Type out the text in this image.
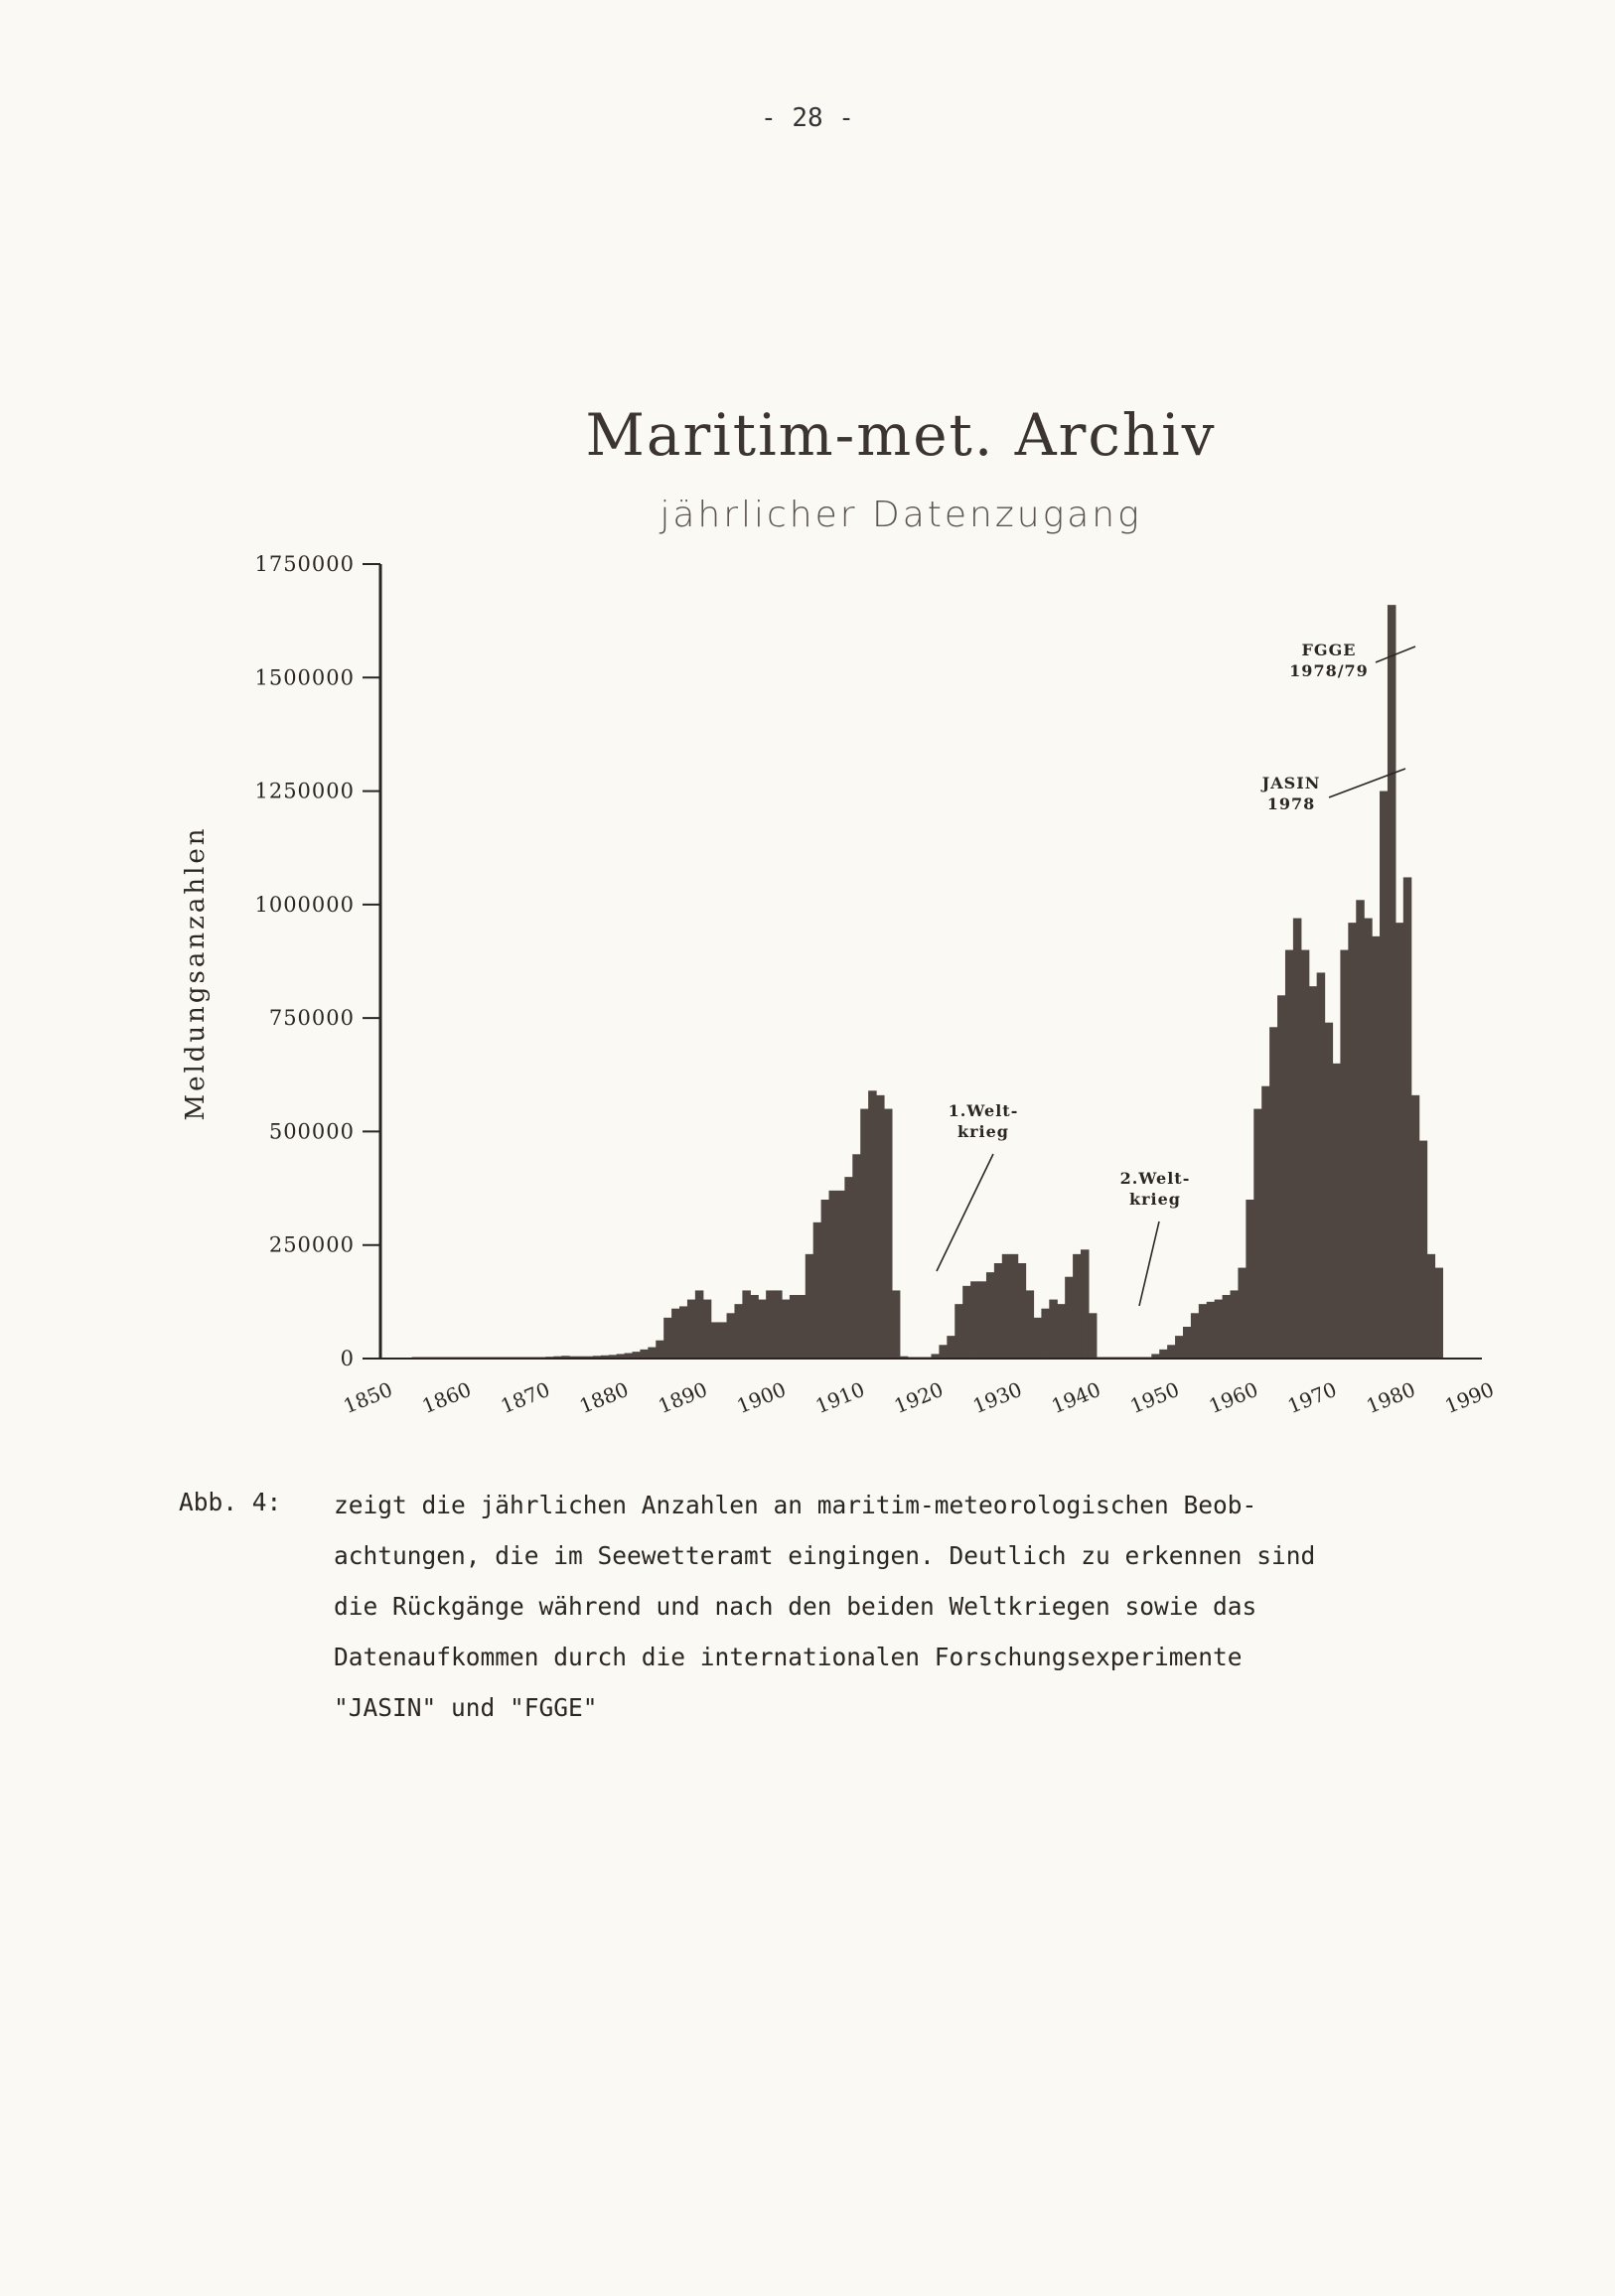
- 28 -
Maritim-met. Archiv
jährlicher Datenzugang
Meldungsanzahlen
0
250000
500000
750000
1000000
1250000
1500000
1750000
1850 1860 1870 1880 1890 1900 1910 1920 1930 1940 1950 1960 1970 1980 1990
FGGE
1978/79
JASIN
1978
1.Welt-
krieg
2.Welt-
krieg
Abb. 4: zeigt die jährlichen Anzahlen an maritim-meteorologischen Beob-
achtungen, die im Seewetteramt eingingen. Deutlich zu erkennen sind
die Rückgänge während und nach den beiden Weltkriegen sowie das
Datenaufkommen durch die internationalen Forschungsexperimente
"JASIN" und "FGGE"
